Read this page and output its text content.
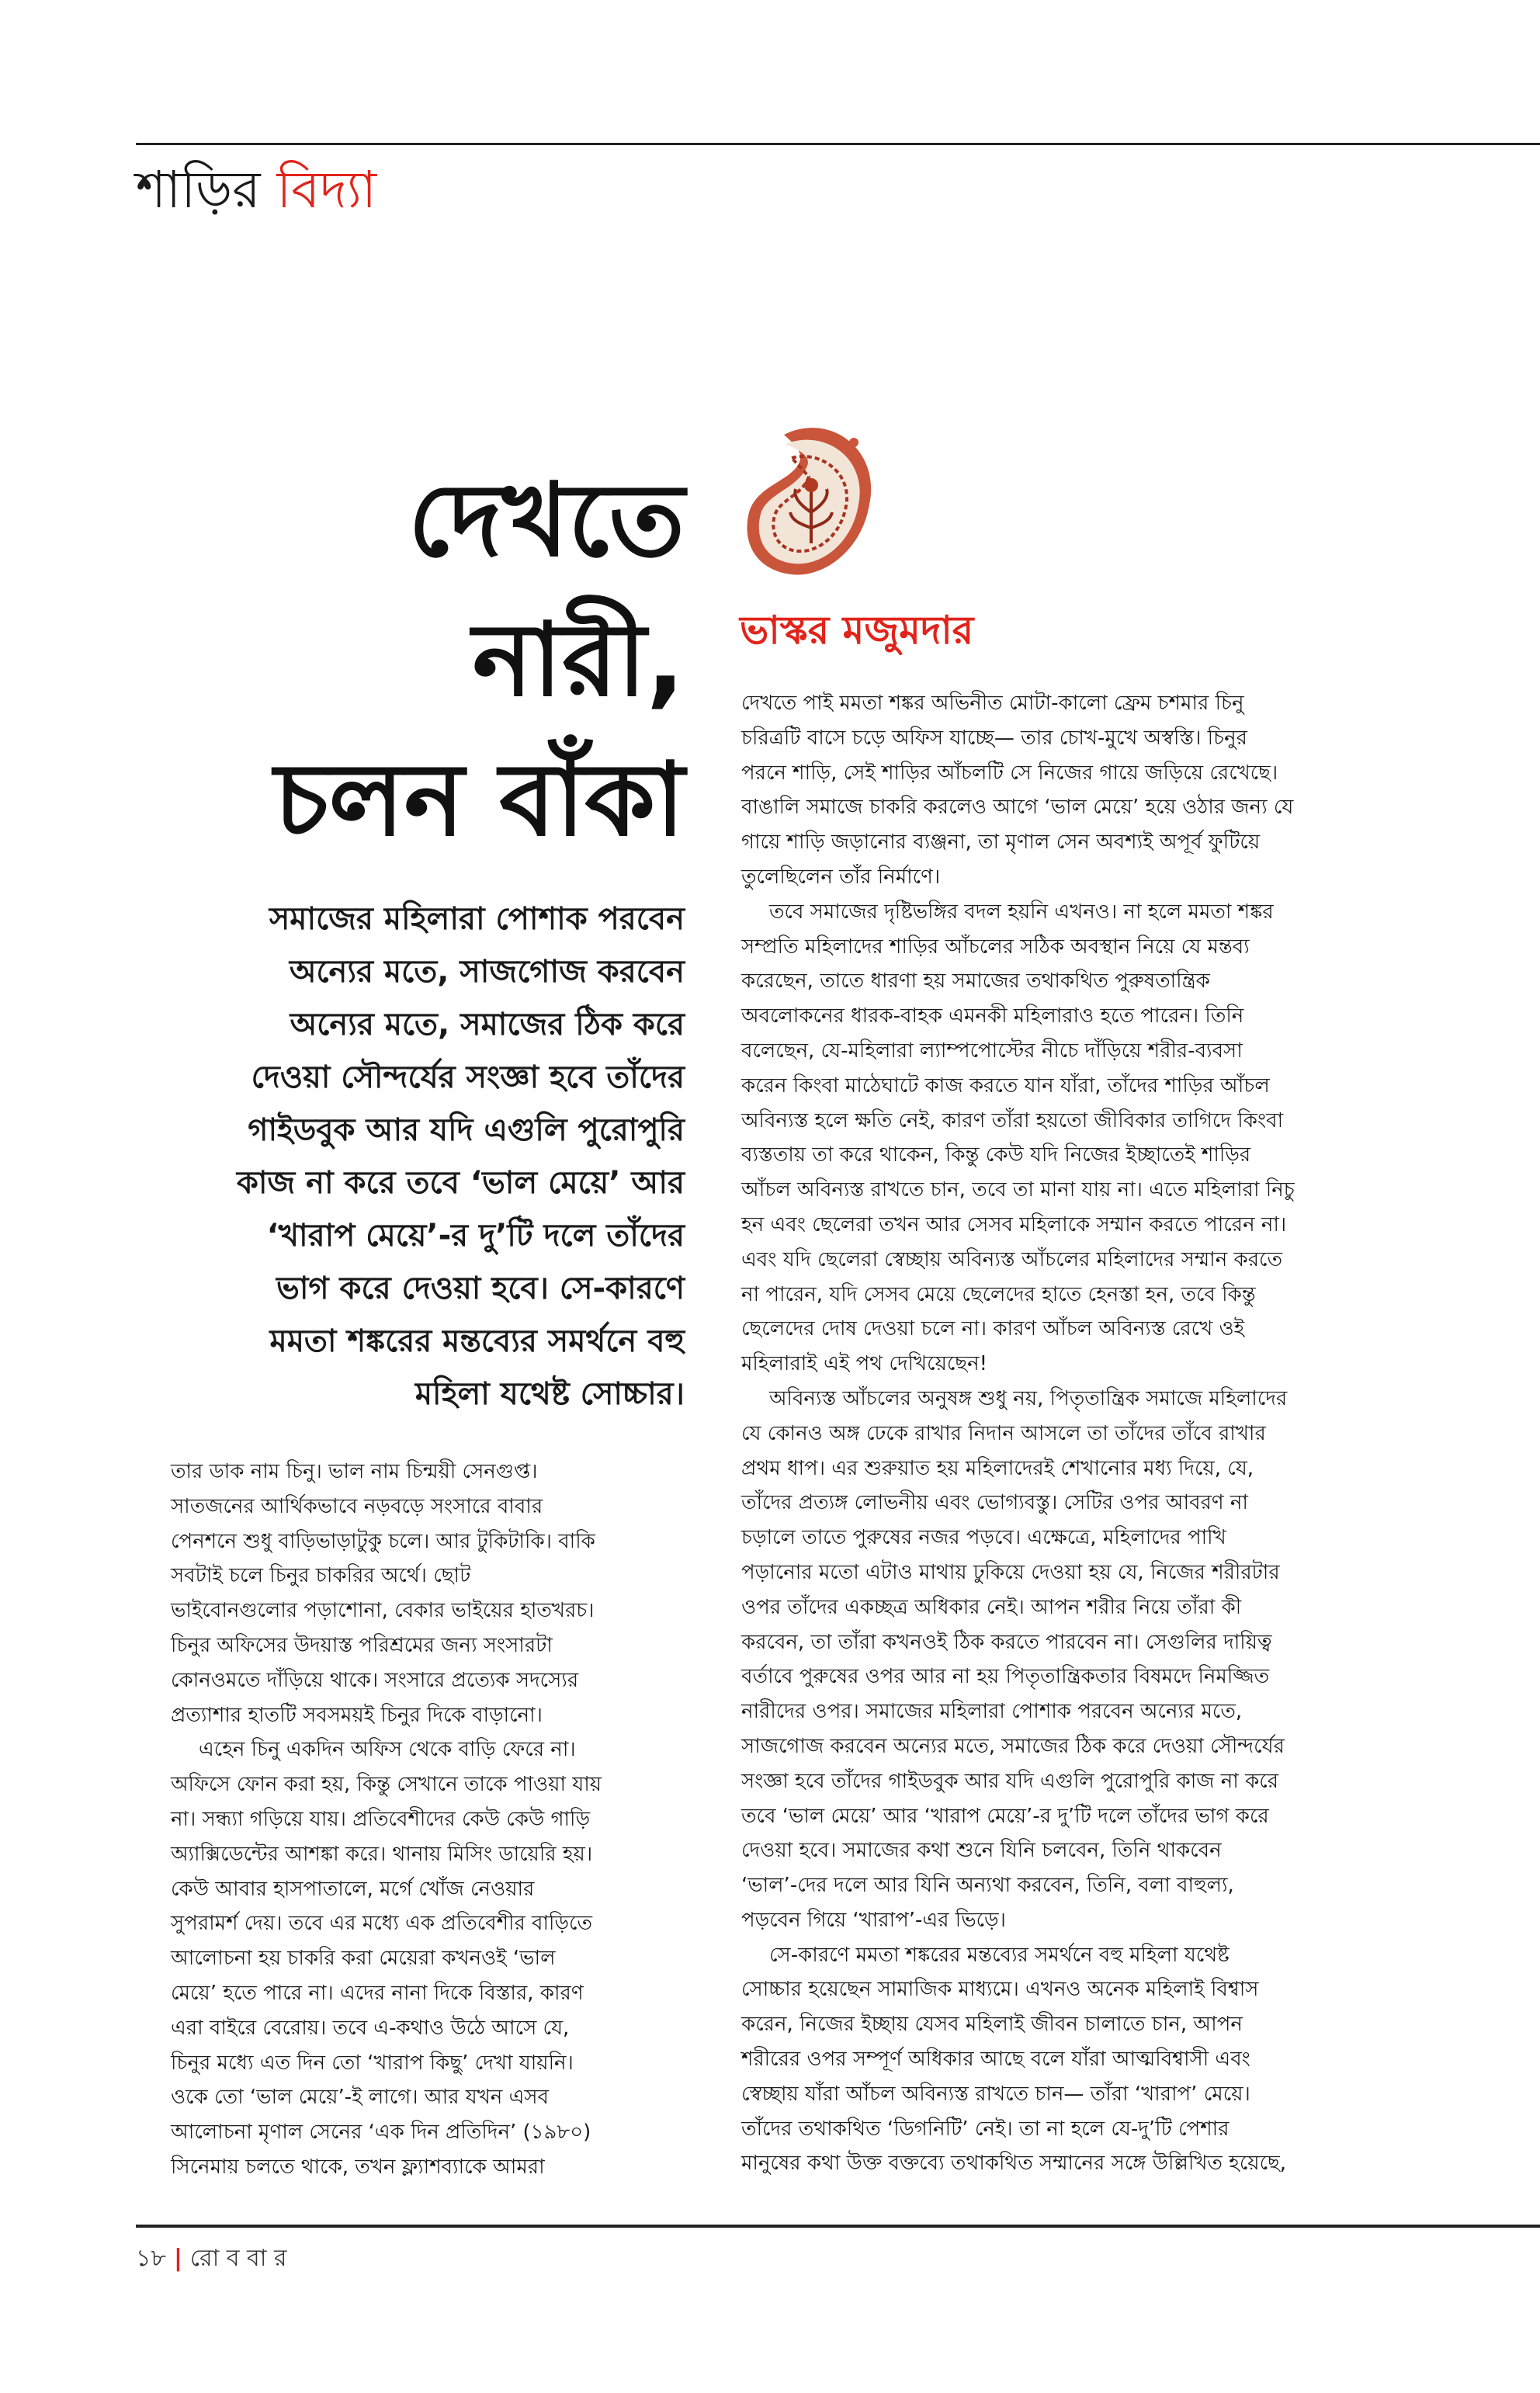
শাড়ির বিদ্যা
দেখতে
নারী,
চলন বাঁকা
ভাস্কর মজুমদার
সমাজের মহিলারা পোশাক পরবেন
অন্যের মতে, সাজগোজ করবেন
অন্যের মতে, সমাজের ঠিক করে
দেওয়া সৌন্দর্যের সংজ্ঞা হবে তাঁদের
গাইডবুক আর যদি এগুলি পুরোপুরি
কাজ না করে তবে ‘ভাল মেয়ে’ আর
‘খারাপ মেয়ে’-র দু’টি দলে তাঁদের
ভাগ করে দেওয়া হবে। সে-কারণে
মমতা শঙ্করের মন্তব্যের সমর্থনে বহু
মহিলা যথেষ্ট সোচ্চার।
তার ডাক নাম চিনু। ভাল নাম চিন্ময়ী সেনগুপ্ত।
সাতজনের আর্থিকভাবে নড়বড়ে সংসারে বাবার
পেনশনে শুধু বাড়িভাড়াটুকু চলে। আর টুকিটাকি। বাকি
সবটাই চলে চিনুর চাকরির অর্থে। ছোট
ভাইবোনগুলোর পড়াশোনা, বেকার ভাইয়ের হাতখরচ।
চিনুর অফিসের উদয়াস্ত পরিশ্রমের জন্য সংসারটা
কোনওমতে দাঁড়িয়ে থাকে। সংসারে প্রত্যেক সদস্যের
প্রত্যাশার হাতটি সবসময়ই চিনুর দিকে বাড়ানো।
এহেন চিনু একদিন অফিস থেকে বাড়ি ফেরে না।
অফিসে ফোন করা হয়, কিন্তু সেখানে তাকে পাওয়া যায়
না। সন্ধ্যা গড়িয়ে যায়। প্রতিবেশীদের কেউ কেউ গাড়ি
অ্যাক্সিডেন্টের আশঙ্কা করে। থানায় মিসিং ডায়েরি হয়।
কেউ আবার হাসপাতালে, মর্গে খোঁজ নেওয়ার
সুপরামর্শ দেয়। তবে এর মধ্যে এক প্রতিবেশীর বাড়িতে
আলোচনা হয় চাকরি করা মেয়েরা কখনওই ‘ভাল
মেয়ে’ হতে পারে না। এদের নানা দিকে বিস্তার, কারণ
এরা বাইরে বেরোয়। তবে এ-কথাও উঠে আসে যে,
চিনুর মধ্যে এত দিন তো ‘খারাপ কিছু’ দেখা যায়নি।
ওকে তো ‘ভাল মেয়ে’-ই লাগে। আর যখন এসব
আলোচনা মৃণাল সেনের ‘এক দিন প্রতিদিন’ (১৯৮০)
সিনেমায় চলতে থাকে, তখন ফ্ল্যাশব্যাকে আমরা
দেখতে পাই মমতা শঙ্কর অভিনীত মোটা-কালো ফ্রেম চশমার চিনু
চরিত্রটি বাসে চড়ে অফিস যাচ্ছে— তার চোখ-মুখে অস্বস্তি। চিনুর
পরনে শাড়ি, সেই শাড়ির আঁচলটি সে নিজের গায়ে জড়িয়ে রেখেছে।
বাঙালি সমাজে চাকরি করলেও আগে ‘ভাল মেয়ে’ হয়ে ওঠার জন্য যে
গায়ে শাড়ি জড়ানোর ব্যঞ্জনা, তা মৃণাল সেন অবশ্যই অপূর্ব ফুটিয়ে
তুলেছিলেন তাঁর নির্মাণে।
তবে সমাজের দৃষ্টিভঙ্গির বদল হয়নি এখনও। না হলে মমতা শঙ্কর
সম্প্রতি মহিলাদের শাড়ির আঁচলের সঠিক অবস্থান নিয়ে যে মন্তব্য
করেছেন, তাতে ধারণা হয় সমাজের তথাকথিত পুরুষতান্ত্রিক
অবলোকনের ধারক-বাহক এমনকী মহিলারাও হতে পারেন। তিনি
বলেছেন, যে-মহিলারা ল্যাম্পপোস্টের নীচে দাঁড়িয়ে শরীর-ব্যবসা
করেন কিংবা মাঠেঘাটে কাজ করতে যান যাঁরা, তাঁদের শাড়ির আঁচল
অবিন্যস্ত হলে ক্ষতি নেই, কারণ তাঁরা হয়তো জীবিকার তাগিদে কিংবা
ব্যস্ততায় তা করে থাকেন, কিন্তু কেউ যদি নিজের ইচ্ছাতেই শাড়ির
আঁচল অবিন্যস্ত রাখতে চান, তবে তা মানা যায় না। এতে মহিলারা নিচু
হন এবং ছেলেরা তখন আর সেসব মহিলাকে সম্মান করতে পারেন না।
এবং যদি ছেলেরা স্বেচ্ছায় অবিন্যস্ত আঁচলের মহিলাদের সম্মান করতে
না পারেন, যদি সেসব মেয়ে ছেলেদের হাতে হেনস্তা হন, তবে কিন্তু
ছেলেদের দোষ দেওয়া চলে না। কারণ আঁচল অবিন্যস্ত রেখে ওই
মহিলারাই এই পথ দেখিয়েছেন!
অবিন্যস্ত আঁচলের অনুষঙ্গ শুধু নয়, পিতৃতান্ত্রিক সমাজে মহিলাদের
যে কোনও অঙ্গ ঢেকে রাখার নিদান আসলে তা তাঁদের তাঁবে রাখার
প্রথম ধাপ। এর শুরুয়াত হয় মহিলাদেরই শেখানোর মধ্য দিয়ে, যে,
তাঁদের প্রত্যঙ্গ লোভনীয় এবং ভোগ্যবস্তু। সেটির ওপর আবরণ না
চড়ালে তাতে পুরুষের নজর পড়বে। এক্ষেত্রে, মহিলাদের পাখি
পড়ানোর মতো এটাও মাথায় ঢুকিয়ে দেওয়া হয় যে, নিজের শরীরটার
ওপর তাঁদের একচ্ছত্র অধিকার নেই। আপন শরীর নিয়ে তাঁরা কী
করবেন, তা তাঁরা কখনওই ঠিক করতে পারবেন না। সেগুলির দায়িত্ব
বর্তাবে পুরুষের ওপর আর না হয় পিতৃতান্ত্রিকতার বিষমদে নিমজ্জিত
নারীদের ওপর। সমাজের মহিলারা পোশাক পরবেন অন্যের মতে,
সাজগোজ করবেন অন্যের মতে, সমাজের ঠিক করে দেওয়া সৌন্দর্যের
সংজ্ঞা হবে তাঁদের গাইডবুক আর যদি এগুলি পুরোপুরি কাজ না করে
তবে ‘ভাল মেয়ে’ আর ‘খারাপ মেয়ে’-র দু’টি দলে তাঁদের ভাগ করে
দেওয়া হবে। সমাজের কথা শুনে যিনি চলবেন, তিনি থাকবেন
‘ভাল’-দের দলে আর যিনি অন্যথা করবেন, তিনি, বলা বাহুল্য,
পড়বেন গিয়ে ‘খারাপ’-এর ভিড়ে।
সে-কারণে মমতা শঙ্করের মন্তব্যের সমর্থনে বহু মহিলা যথেষ্ট
সোচ্চার হয়েছেন সামাজিক মাধ্যমে। এখনও অনেক মহিলাই বিশ্বাস
করেন, নিজের ইচ্ছায় যেসব মহিলাই জীবন চালাতে চান, আপন
শরীরের ওপর সম্পূর্ণ অধিকার আছে বলে যাঁরা আত্মবিশ্বাসী এবং
স্বেচ্ছায় যাঁরা আঁচল অবিন্যস্ত রাখতে চান— তাঁরা ‘খারাপ’ মেয়ে।
তাঁদের তথাকথিত ‘ডিগনিটি’ নেই। তা না হলে যে-দু’টি পেশার
মানুষের কথা উক্ত বক্তব্যে তথাকথিত সম্মানের সঙ্গে উল্লিখিত হয়েছে,
১৮ | রো ব বা র
